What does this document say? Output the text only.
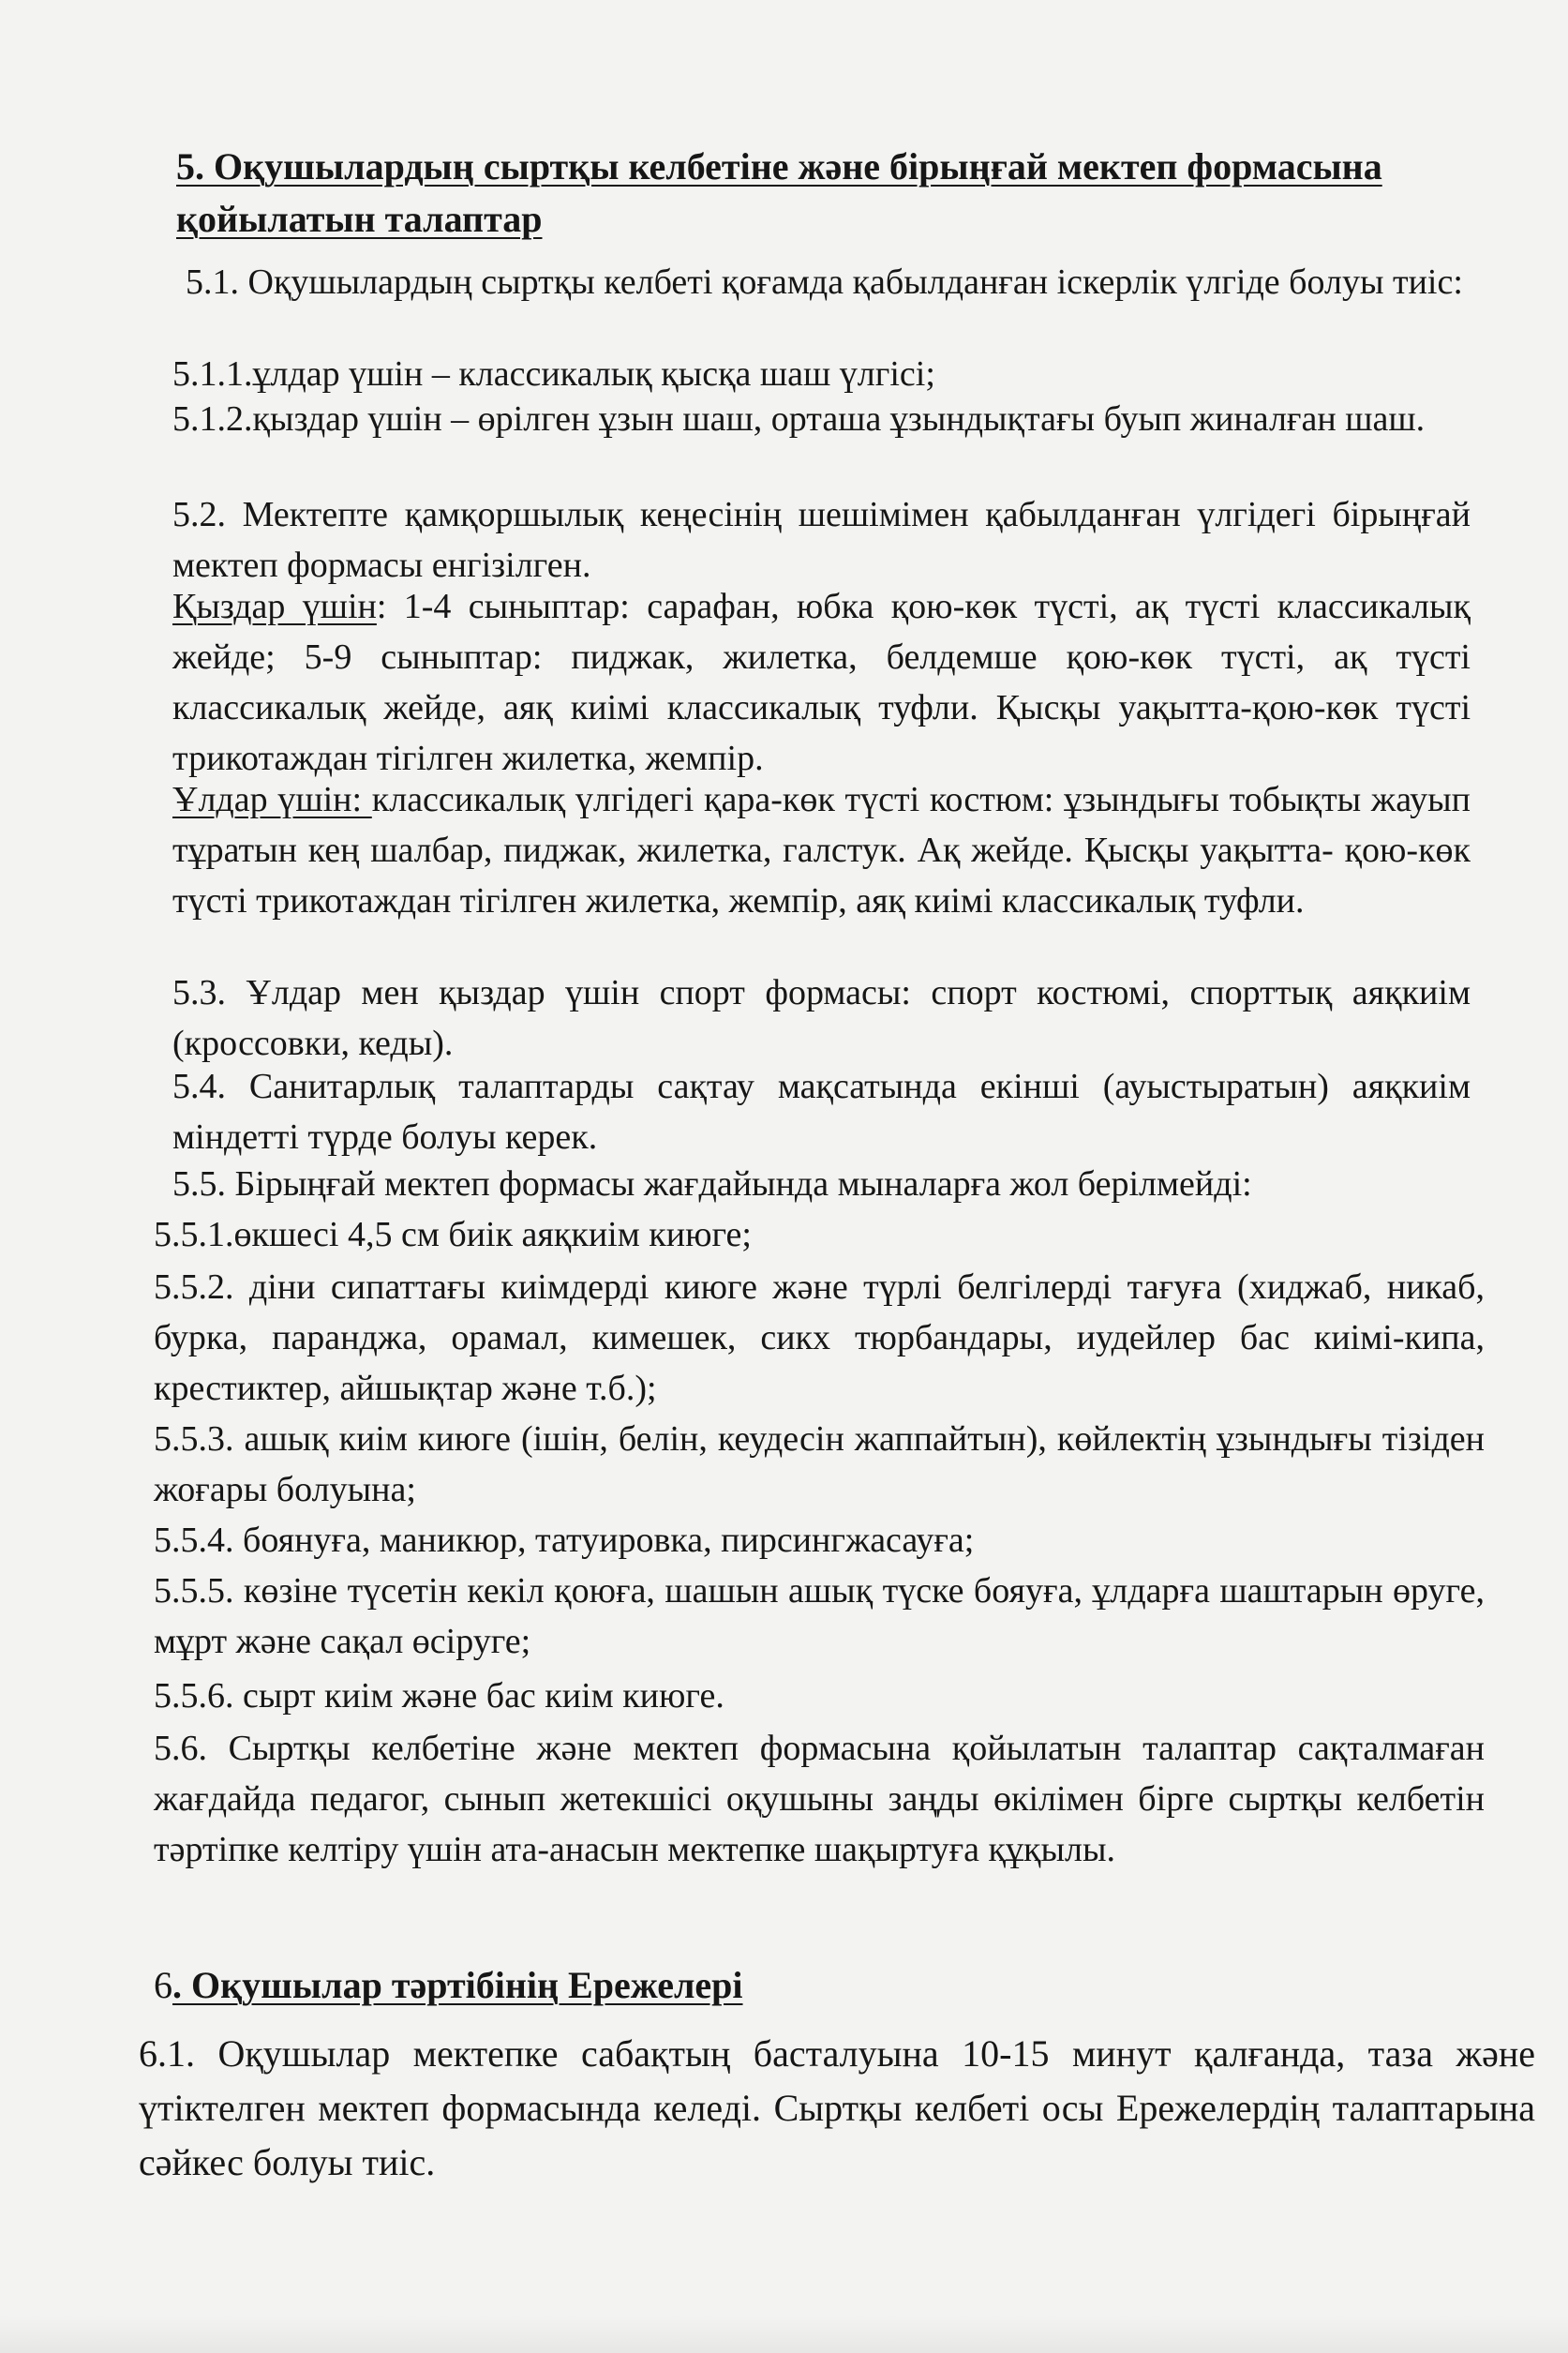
5. Оқушылардың сыртқы келбетіне және бірыңғай мектеп формасына
қойылатын талаптар

5.1. Оқушылардың сыртқы келбеті қоғамда қабылданған іскерлік үлгіде болуы тиіс:

5.1.1.ұлдар үшін – классикалық қысқа шаш үлгісі;

5.1.2.қыздар үшін – өрілген ұзын шаш, орташа ұзындықтағы буып жиналған шаш.

5.2. Мектепте қамқоршылық кеңесінің шешімімен қабылданған үлгідегі бірыңғай мектеп формасы енгізілген.

Қыздар үшін: 1-4 сыныптар: сарафан, юбка қою-көк түсті, ақ түсті классикалық жейде; 5-9 сыныптар: пиджак, жилетка, белдемше қою-көк түсті, ақ түсті классикалық жейде, аяқ киімі классикалық туфли. Қысқы уақытта-қою-көк түсті трикотаждан тігілген жилетка, жемпір.

Ұлдар үшін: классикалық үлгідегі қара-көк түсті костюм: ұзындығы тобықты жауып тұратын кең шалбар, пиджак, жилетка, галстук. Ақ жейде. Қысқы уақытта- қою-көк түсті трикотаждан тігілген жилетка, жемпір, аяқ киімі классикалық туфли.

5.3. Ұлдар мен қыздар үшін спорт формасы: спорт костюмі, спорттық аяқкиім (кроссовки, кеды).

5.4. Санитарлық талаптарды сақтау мақсатында екінші (ауыстыратын) аяқкиім міндетті түрде болуы керек.

5.5. Бірыңғай мектеп формасы жағдайында мыналарға жол берілмейді:

5.5.1.өкшесі 4,5 см биік аяқкиім киюге;

5.5.2. діни сипаттағы киімдерді киюге және түрлі белгілерді тағуға (хиджаб, никаб, бурка, паранджа, орамал, кимешек, сикх тюрбандары, иудейлер бас киімі-кипа, крестиктер, айшықтар және т.б.);

5.5.3. ашық киім киюге (ішін, белін, кеудесін жаппайтын), көйлектің ұзындығы тізіден жоғары болуына;

5.5.4. боянуға, маникюр, татуировка, пирсингжасауға;

5.5.5. көзіне түсетін кекіл қоюға, шашын ашық түске бояуға, ұлдарға шаштарын өруге, мұрт және сақал өсіруге;

5.5.6. сырт киім және бас киім киюге.

5.6. Сыртқы келбетіне және мектеп формасына қойылатын талаптар сақталмаған жағдайда педагог, сынып жетекшісі оқушыны заңды өкілімен бірге сыртқы келбетін тәртіпке келтіру үшін ата-анасын мектепке шақыртуға құқылы.

6. Оқушылар тәртібінің Ережелері

6.1. Оқушылар мектепке сабақтың басталуына 10-15 минут қалғанда, таза және үтіктелген мектеп формасында келеді. Сыртқы келбеті осы Ережелердің талаптарына сәйкес болуы тиіс.
